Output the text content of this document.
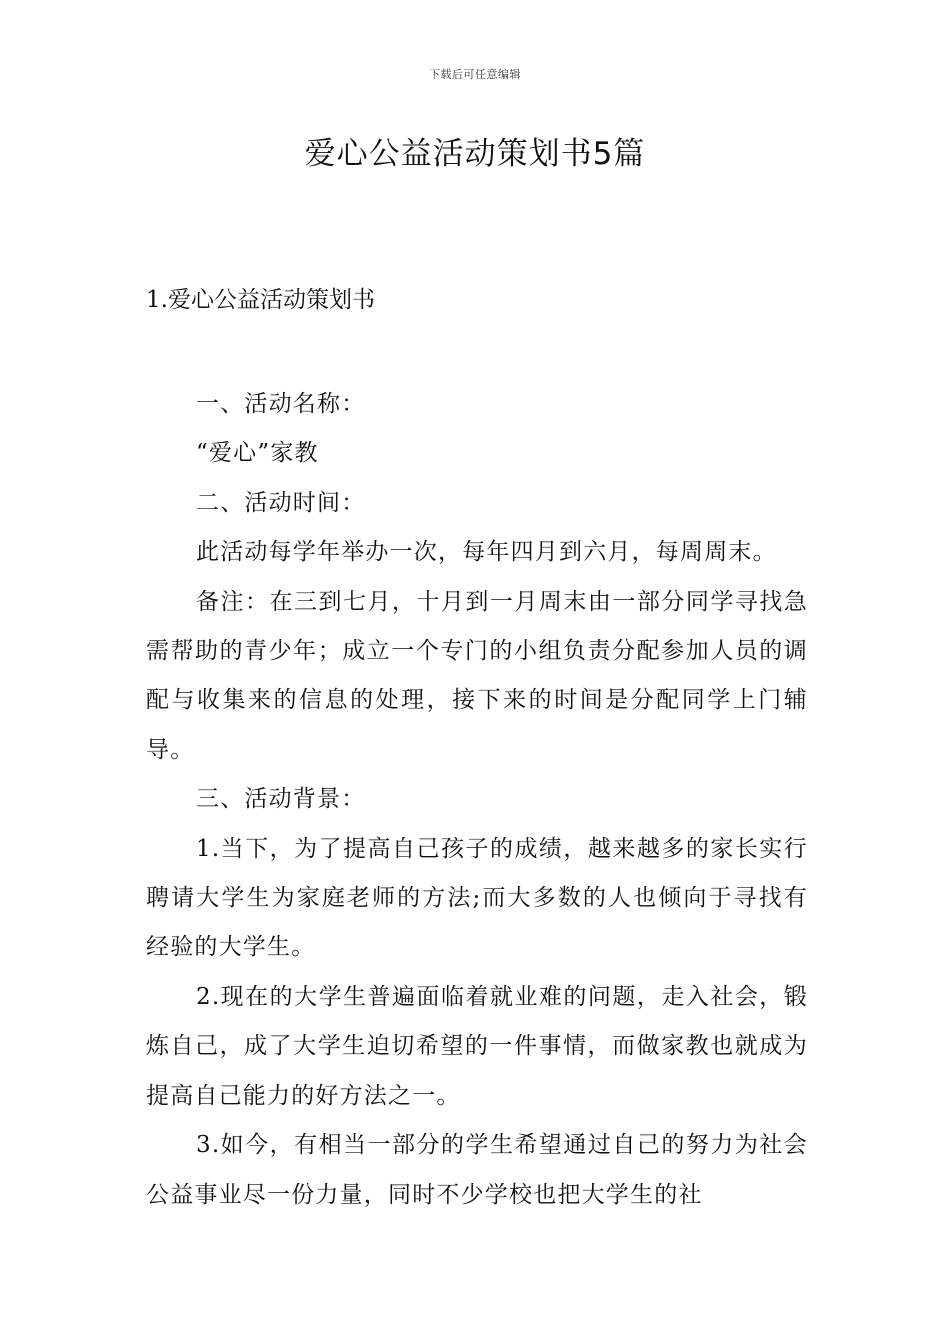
下载后可任意编辑
爱心公益活动策划书5篇
1.爱心公益活动策划书

一、活动名称：

“爱心”家教

二、活动时间：

此活动每学年举办一次，每年四月到六月，每周周末。

备注：在三到七月，十月到一月周末由一部分同学寻找急需帮助的青少年；成立一个专门的小组负责分配参加人员的调配与收集来的信息的处理，接下来的时间是分配同学上门辅导。

三、活动背景：

1.当下，为了提高自己孩子的成绩，越来越多的家长实行聘请大学生为家庭老师的方法;而大多数的人也倾向于寻找有经验的大学生。

2.现在的大学生普遍面临着就业难的问题，走入社会，锻炼自己，成了大学生迫切希望的一件事情，而做家教也就成为提高自己能力的好方法之一。

3.如今，有相当一部分的学生希望通过自己的努力为社会公益事业尽一份力量，同时不少学校也把大学生的社
